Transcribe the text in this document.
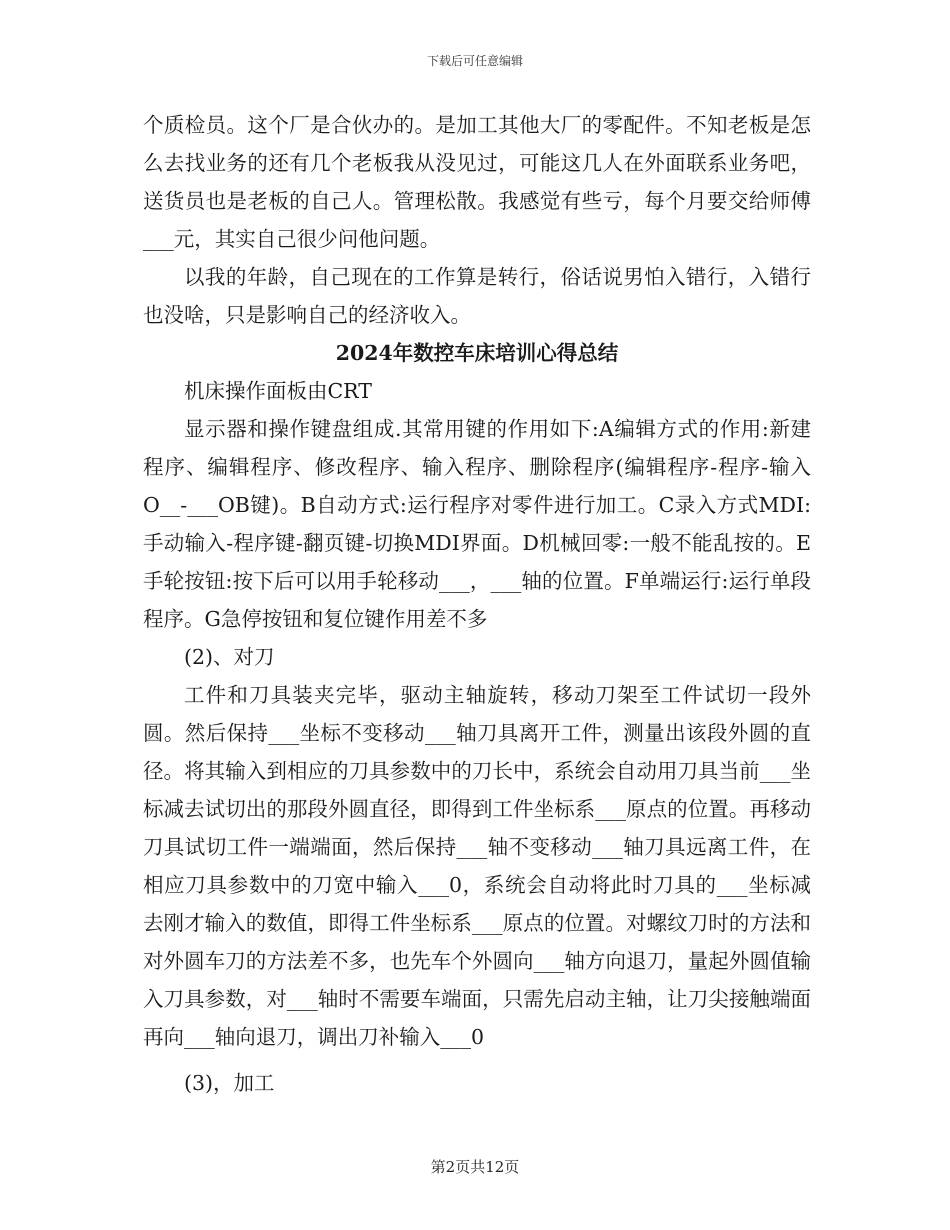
下载后可任意编辑

个质检员。这个厂是合伙办的。是加工其他大厂的零配件。不知老板是怎么去找业务的还有几个老板我从没见过，可能这几人在外面联系业务吧，送货员也是老板的自己人。管理松散。我感觉有些亏，每个月要交给师傅___元，其实自己很少问他问题。

以我的年龄，自己现在的工作算是转行，俗话说男怕入错行，入错行也没啥，只是影响自己的经济收入。

2024年数控车床培训心得总结

机床操作面板由CRT

显示器和操作键盘组成.其常用键的作用如下:A编辑方式的作用:新建程序、编辑程序、修改程序、输入程序、删除程序(编辑程序-程序-输入O__-___OB键)。B自动方式:运行程序对零件进行加工。C录入方式MDI:手动输入-程序键-翻页键-切换MDI界面。D机械回零:一般不能乱按的。E手轮按钮:按下后可以用手轮移动___，___轴的位置。F单端运行:运行单段程序。G急停按钮和复位键作用差不多

(2)、对刀

工件和刀具装夹完毕，驱动主轴旋转，移动刀架至工件试切一段外圆。然后保持___坐标不变移动___轴刀具离开工件，测量出该段外圆的直径。将其输入到相应的刀具参数中的刀长中，系统会自动用刀具当前___坐标减去试切出的那段外圆直径，即得到工件坐标系___原点的位置。再移动刀具试切工件一端端面，然后保持___轴不变移动___轴刀具远离工件，在相应刀具参数中的刀宽中输入___0，系统会自动将此时刀具的___坐标减去刚才输入的数值，即得工件坐标系___原点的位置。对螺纹刀时的方法和对外圆车刀的方法差不多，也先车个外圆向___轴方向退刀，量起外圆值输入刀具参数，对___轴时不需要车端面，只需先启动主轴，让刀尖接触端面再向___轴向退刀，调出刀补输入___0

(3)，加工

第2页共12页
